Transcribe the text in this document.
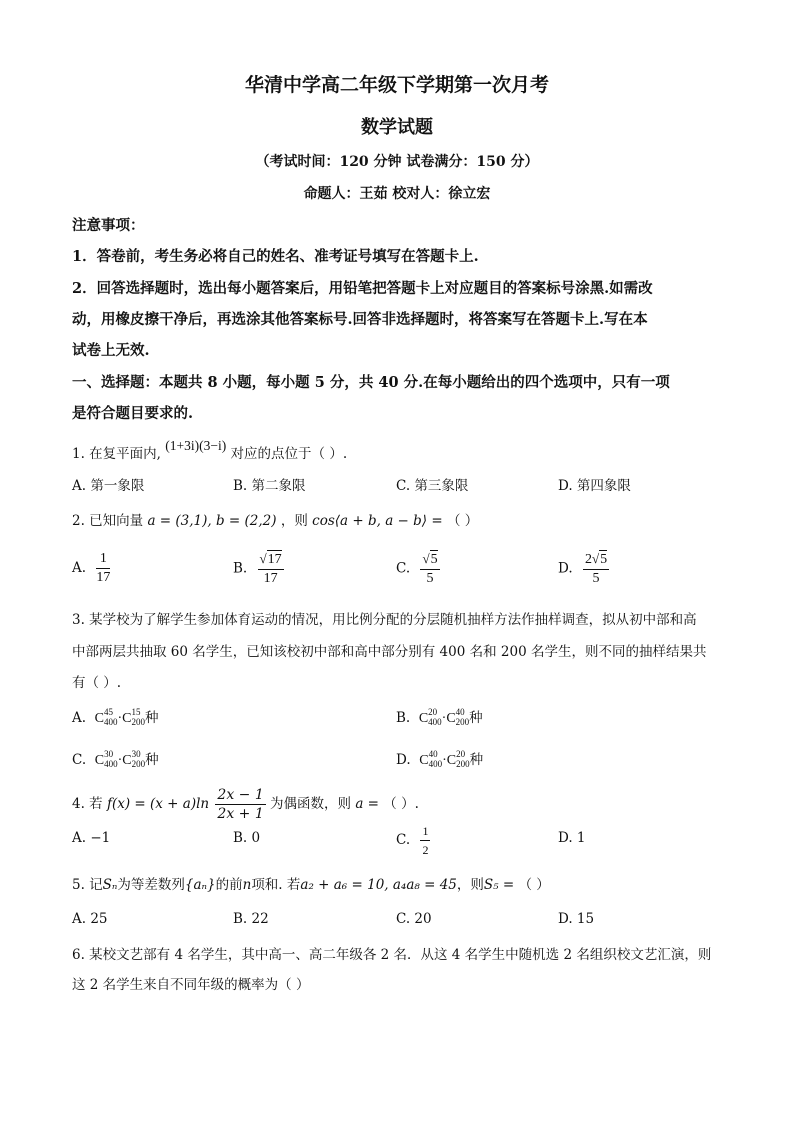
华清中学高二年级下学期第一次月考
数学试题
（考试时间：120 分钟 试卷满分：150 分）
命题人：王茹 校对人：徐立宏
注意事项：
1．答卷前，考生务必将自己的姓名、准考证号填写在答题卡上.
2．回答选择题时，选出每小题答案后，用铅笔把答题卡上对应题目的答案标号涂黑.如需改
动，用橡皮擦干净后，再选涂其他答案标号.回答非选择题时，将答案写在答题卡上.写在本
试卷上无效.
一、选择题：本题共 8 小题，每小题 5 分，共 40 分.在每小题给出的四个选项中，只有一项
是符合题目要求的.
1. 在复平面内, (1+3i)(3−i) 对应的点位于（ ）.
A. 第一象限	B. 第二象限	C. 第三象限	D. 第四象限
2. 已知向量 a = (3,1), b = (2,2) ，则 cos⟨a + b, a − b⟩ = （ ）
A. $\frac{1}{17}$	B. $\frac{√17}{17}$	C. $\frac{√5}{5}$	D. $\frac{2√5}{5}$
3. 某学校为了解学生参加体育运动的情况，用比例分配的分层随机抽样方法作抽样调查，拟从初中部和高
中部两层共抽取 60 名学生，已知该校初中部和高中部分别有 400 名和 200 名学生，则不同的抽样结果共
有（ ）.
A. $C^{45}_{400}\cdot C^{15}_{200}$种	B. $C^{20}_{400}\cdot C^{40}_{200}$种
C. $C^{30}_{400}\cdot C^{30}_{200}$种	D. $C^{40}_{400}\cdot C^{20}_{200}$种
4. 若 $f(x) = (x + a)\ln \frac{2x - 1}{2x + 1}$ 为偶函数，则 a = （ ）.
A. −1	B. 0	C. $\frac{1}{2}$	D. 1
5. 记Sₙ为等差数列{aₙ}的前n项和. 若a₂ + a₆ = 10, a₄a₈ = 45，则S₅ = （ ）
A. 25	B. 22	C. 20	D. 15
6. 某校文艺部有 4 名学生，其中高一、高二年级各 2 名．从这 4 名学生中随机选 2 名组织校文艺汇演，则
这 2 名学生来自不同年级的概率为（ ）
